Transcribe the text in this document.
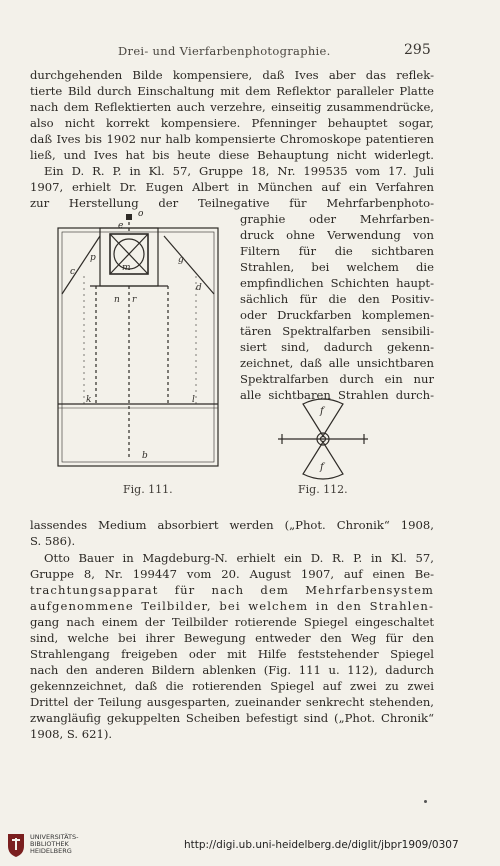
Drei- und Vierfarbenphotographie.	295
durchgehenden Bilde kompensiere, daß Ives aber das reflek-
tierte Bild durch Einschaltung mit dem Reflektor paralleler Platte
nach dem Reflektierten auch verzehre, einseitig zusammendrücke,
also nicht korrekt kompensiere. Pfenninger behauptet sogar,
daß Ives bis 1902 nur halb kompensierte Chromoskope patentieren
ließ, und Ives hat bis heute diese Behauptung nicht widerlegt.
Ein D. R. P. in Kl. 57, Gruppe 18, Nr. 199535 vom 17. Juli
1907, erhielt Dr. Eugen Albert in München auf ein Verfahren
zur Herstellung der Teilnegative für Mehrfarbenphoto-
graphie oder Mehrfarben-
druck ohne Verwendung von
Filtern für die sichtbaren
Strahlen, bei welchem die
empfindlichen Schichten haupt-
sächlich für die den Positiv-
oder Druckfarben komplemen-
tären Spektralfarben sensibili-
siert sind, dadurch gekenn-
zeichnet, daß alle unsichtbaren
Spektralfarben durch ein nur
alle sichtbaren Strahlen durch-
o
e
p	g
c	m
n r
d
k	l
b
Fig. 111.
f
f
Fig. 112.
lassendes Medium absorbiert werden („Phot. Chronik“ 1908,
S. 586).
Otto Bauer in Magdeburg-N. erhielt ein D. R. P. in Kl. 57,
Gruppe 8, Nr. 199447 vom 20. August 1907, auf einen Be-
trachtungsapparat für nach dem Mehrfarbensystem
aufgenommene Teilbilder, bei welchem in den Strahlen-
gang nach einem der Teilbilder rotierende Spiegel eingeschaltet
sind, welche bei ihrer Bewegung entweder den Weg für den
Strahlengang freigeben oder mit Hilfe feststehender Spiegel
nach den anderen Bildern ablenken (Fig. 111 u. 112), dadurch
gekennzeichnet, daß die rotierenden Spiegel auf zwei zu zwei
Drittel der Teilung ausgesparten, zueinander senkrecht stehenden,
zwangläufig gekuppelten Scheiben befestigt sind („Phot. Chronik“
1908, S. 621).
UNIVERSITÄTS-
BIBLIOTHEK
HEIDELBERG	http://digi.ub.uni-heidelberg.de/diglit/jbpr1909/0307
